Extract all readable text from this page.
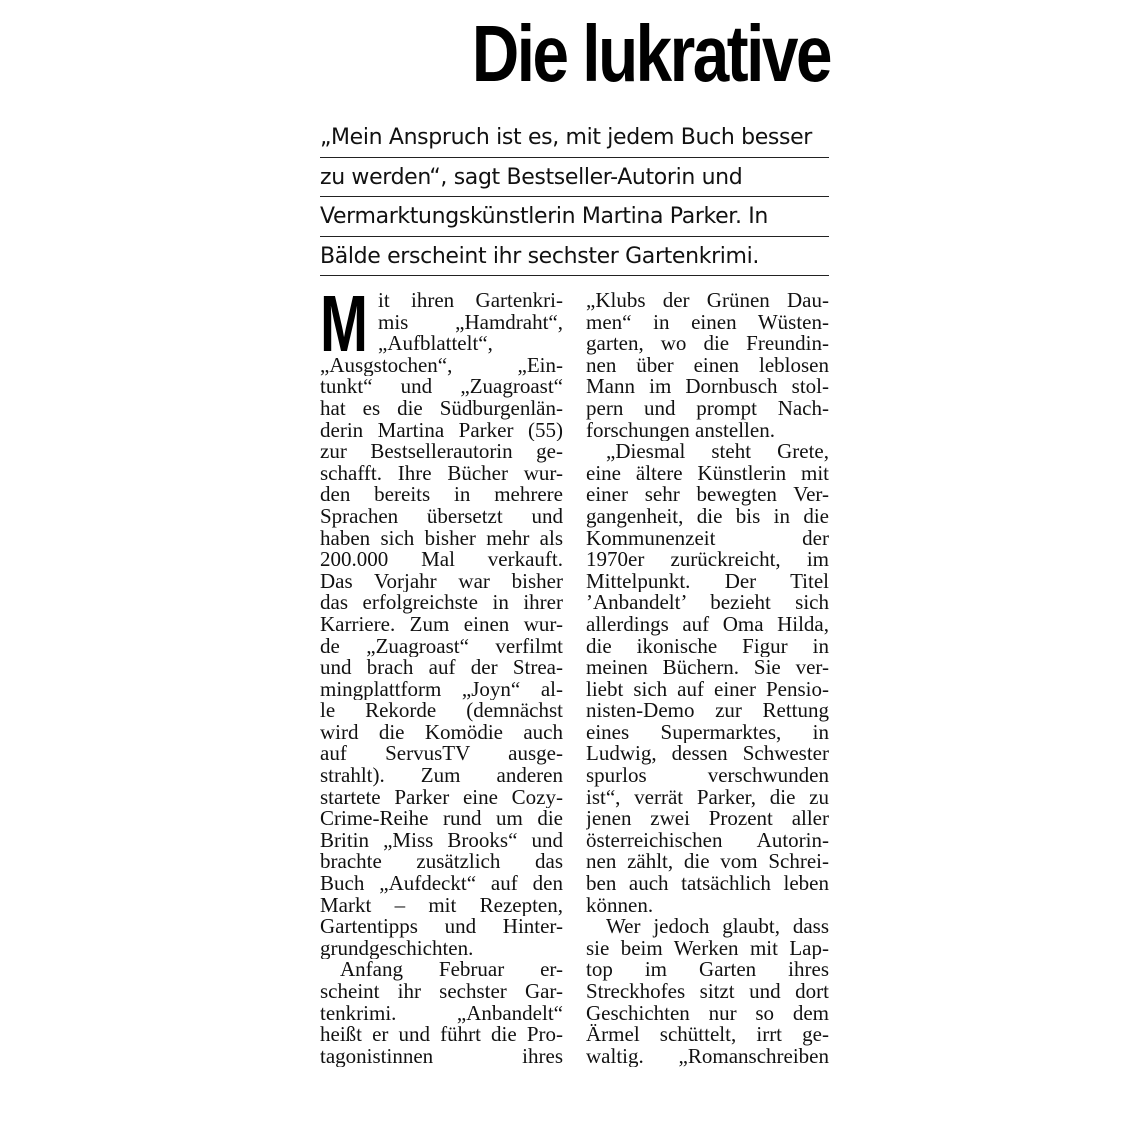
Die lukrative
„Mein Anspruch ist es, mit jedem Buch besser
zu werden“, sagt Bestseller-Autorin und
Vermarktungskünstlerin Martina Parker. In
Bälde erscheint ihr sechster Gartenkrimi.
M it ihren Gartenkri-
mis „Hamdraht“,
„Aufblattelt“,
„Ausgstochen“, „Ein-
tunkt“ und „Zuagroast“
hat es die Südburgenlän-
derin Martina Parker (55)
zur Bestsellerautorin ge-
schafft. Ihre Bücher wur-
den bereits in mehrere
Sprachen übersetzt und
haben sich bisher mehr als
200.000 Mal verkauft.
Das Vorjahr war bisher
das erfolgreichste in ihrer
Karriere. Zum einen wur-
de „Zuagroast“ verfilmt
und brach auf der Strea-
mingplattform „Joyn“ al-
le Rekorde (demnächst
wird die Komödie auch
auf ServusTV ausge-
strahlt). Zum anderen
startete Parker eine Cozy-
Crime-Reihe rund um die
Britin „Miss Brooks“ und
brachte zusätzlich das
Buch „Aufdeckt“ auf den
Markt – mit Rezepten,
Gartentipps und Hinter-
grundgeschichten.
Anfang Februar er-
scheint ihr sechster Gar-
tenkrimi. „Anbandelt“
heißt er und führt die Pro-
tagonistinnen ihres
„Klubs der Grünen Dau-
men“ in einen Wüsten-
garten, wo die Freundin-
nen über einen leblosen
Mann im Dornbusch stol-
pern und prompt Nach-
forschungen anstellen.
„Diesmal steht Grete,
eine ältere Künstlerin mit
einer sehr bewegten Ver-
gangenheit, die bis in die
Kommunenzeit der
1970er zurückreicht, im
Mittelpunkt. Der Titel
’Anbandelt’ bezieht sich
allerdings auf Oma Hilda,
die ikonische Figur in
meinen Büchern. Sie ver-
liebt sich auf einer Pensio-
nisten-Demo zur Rettung
eines Supermarktes, in
Ludwig, dessen Schwester
spurlos verschwunden
ist“, verrät Parker, die zu
jenen zwei Prozent aller
österreichischen Autorin-
nen zählt, die vom Schrei-
ben auch tatsächlich leben
können.
Wer jedoch glaubt, dass
sie beim Werken mit Lap-
top im Garten ihres
Streckhofes sitzt und dort
Geschichten nur so dem
Ärmel schüttelt, irrt ge-
waltig. „Romanschreiben
